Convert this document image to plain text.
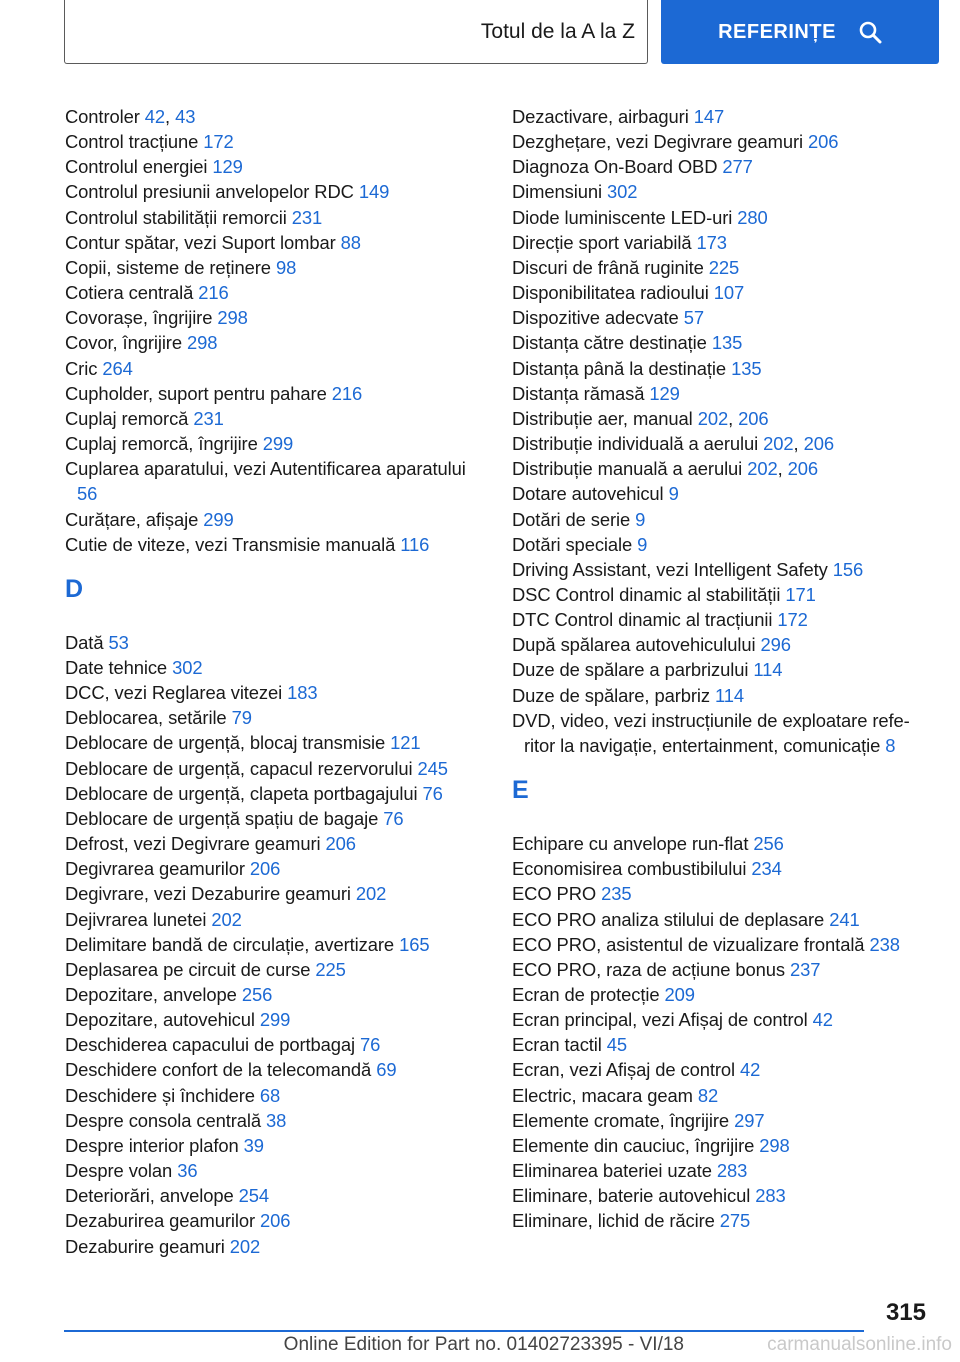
Totul de la A la Z	REFERINȚE
Controler 42, 43
Control tracțiune 172
Controlul energiei 129
Controlul presiunii anvelopelor RDC 149
Controlul stabilității remorcii 231
Contur spătar, vezi Suport lombar 88
Copii, sisteme de reținere 98
Cotiera centrală 216
Covorașe, îngrijire 298
Covor, îngrijire 298
Cric 264
Cupholder, suport pentru pahare 216
Cuplaj remorcă 231
Cuplaj remorcă, îngrijire 299
Cuplarea aparatului, vezi Autentificarea aparatului 56
Curățare, afișaje 299
Cutie de viteze, vezi Transmisie manuală 116
D
Dată 53
Date tehnice 302
DCC, vezi Reglarea vitezei 183
Deblocarea, setările 79
Deblocare de urgență, blocaj transmisie 121
Deblocare de urgență, capacul rezervorului 245
Deblocare de urgență, clapeta portbagajului 76
Deblocare de urgență spațiu de bagaje 76
Defrost, vezi Degivrare geamuri 206
Degivrarea geamurilor 206
Degivrare, vezi Dezaburire geamuri 202
Dejivrarea lunetei 202
Delimitare bandă de circulație, avertizare 165
Deplasarea pe circuit de curse 225
Depozitare, anvelope 256
Depozitare, autovehicul 299
Deschiderea capacului de portbagaj 76
Deschidere confort de la telecomandă 69
Deschidere și închidere 68
Despre consola centrală 38
Despre interior plafon 39
Despre volan 36
Deteriorări, anvelope 254
Dezaburirea geamurilor 206
Dezaburire geamuri 202
Dezactivare, airbaguri 147
Dezghețare, vezi Degivrare geamuri 206
Diagnoza On-Board OBD 277
Dimensiuni 302
Diode luminiscente LED-uri 280
Direcție sport variabilă 173
Discuri de frână ruginite 225
Disponibilitatea radioului 107
Dispozitive adecvate 57
Distanța către destinație 135
Distanța până la destinație 135
Distanța rămasă 129
Distribuție aer, manual 202, 206
Distribuție individuală a aerului 202, 206
Distribuție manuală a aerului 202, 206
Dotare autovehicul 9
Dotări de serie 9
Dotări speciale 9
Driving Assistant, vezi Intelligent Safety 156
DSC Control dinamic al stabilității 171
DTC Control dinamic al tracțiunii 172
După spălarea autovehiculului 296
Duze de spălare a parbrizului 114
Duze de spălare, parbriz 114
DVD, video, vezi instrucțiunile de exploatare referitor la navigație, entertainment, comunicație 8
E
Echipare cu anvelope run-flat 256
Economisirea combustibilului 234
ECO PRO 235
ECO PRO analiza stilului de deplasare 241
ECO PRO, asistentul de vizualizare frontală 238
ECO PRO, raza de acțiune bonus 237
Ecran de protecție 209
Ecran principal, vezi Afișaj de control 42
Ecran tactil 45
Ecran, vezi Afișaj de control 42
Electric, macara geam 82
Elemente cromate, îngrijire 297
Elemente din cauciuc, îngrijire 298
Eliminarea bateriei uzate 283
Eliminare, baterie autovehicul 283
Eliminare, lichid de răcire 275
315
Online Edition for Part no. 01402723395 - VI/18	carmanualsonline.info
